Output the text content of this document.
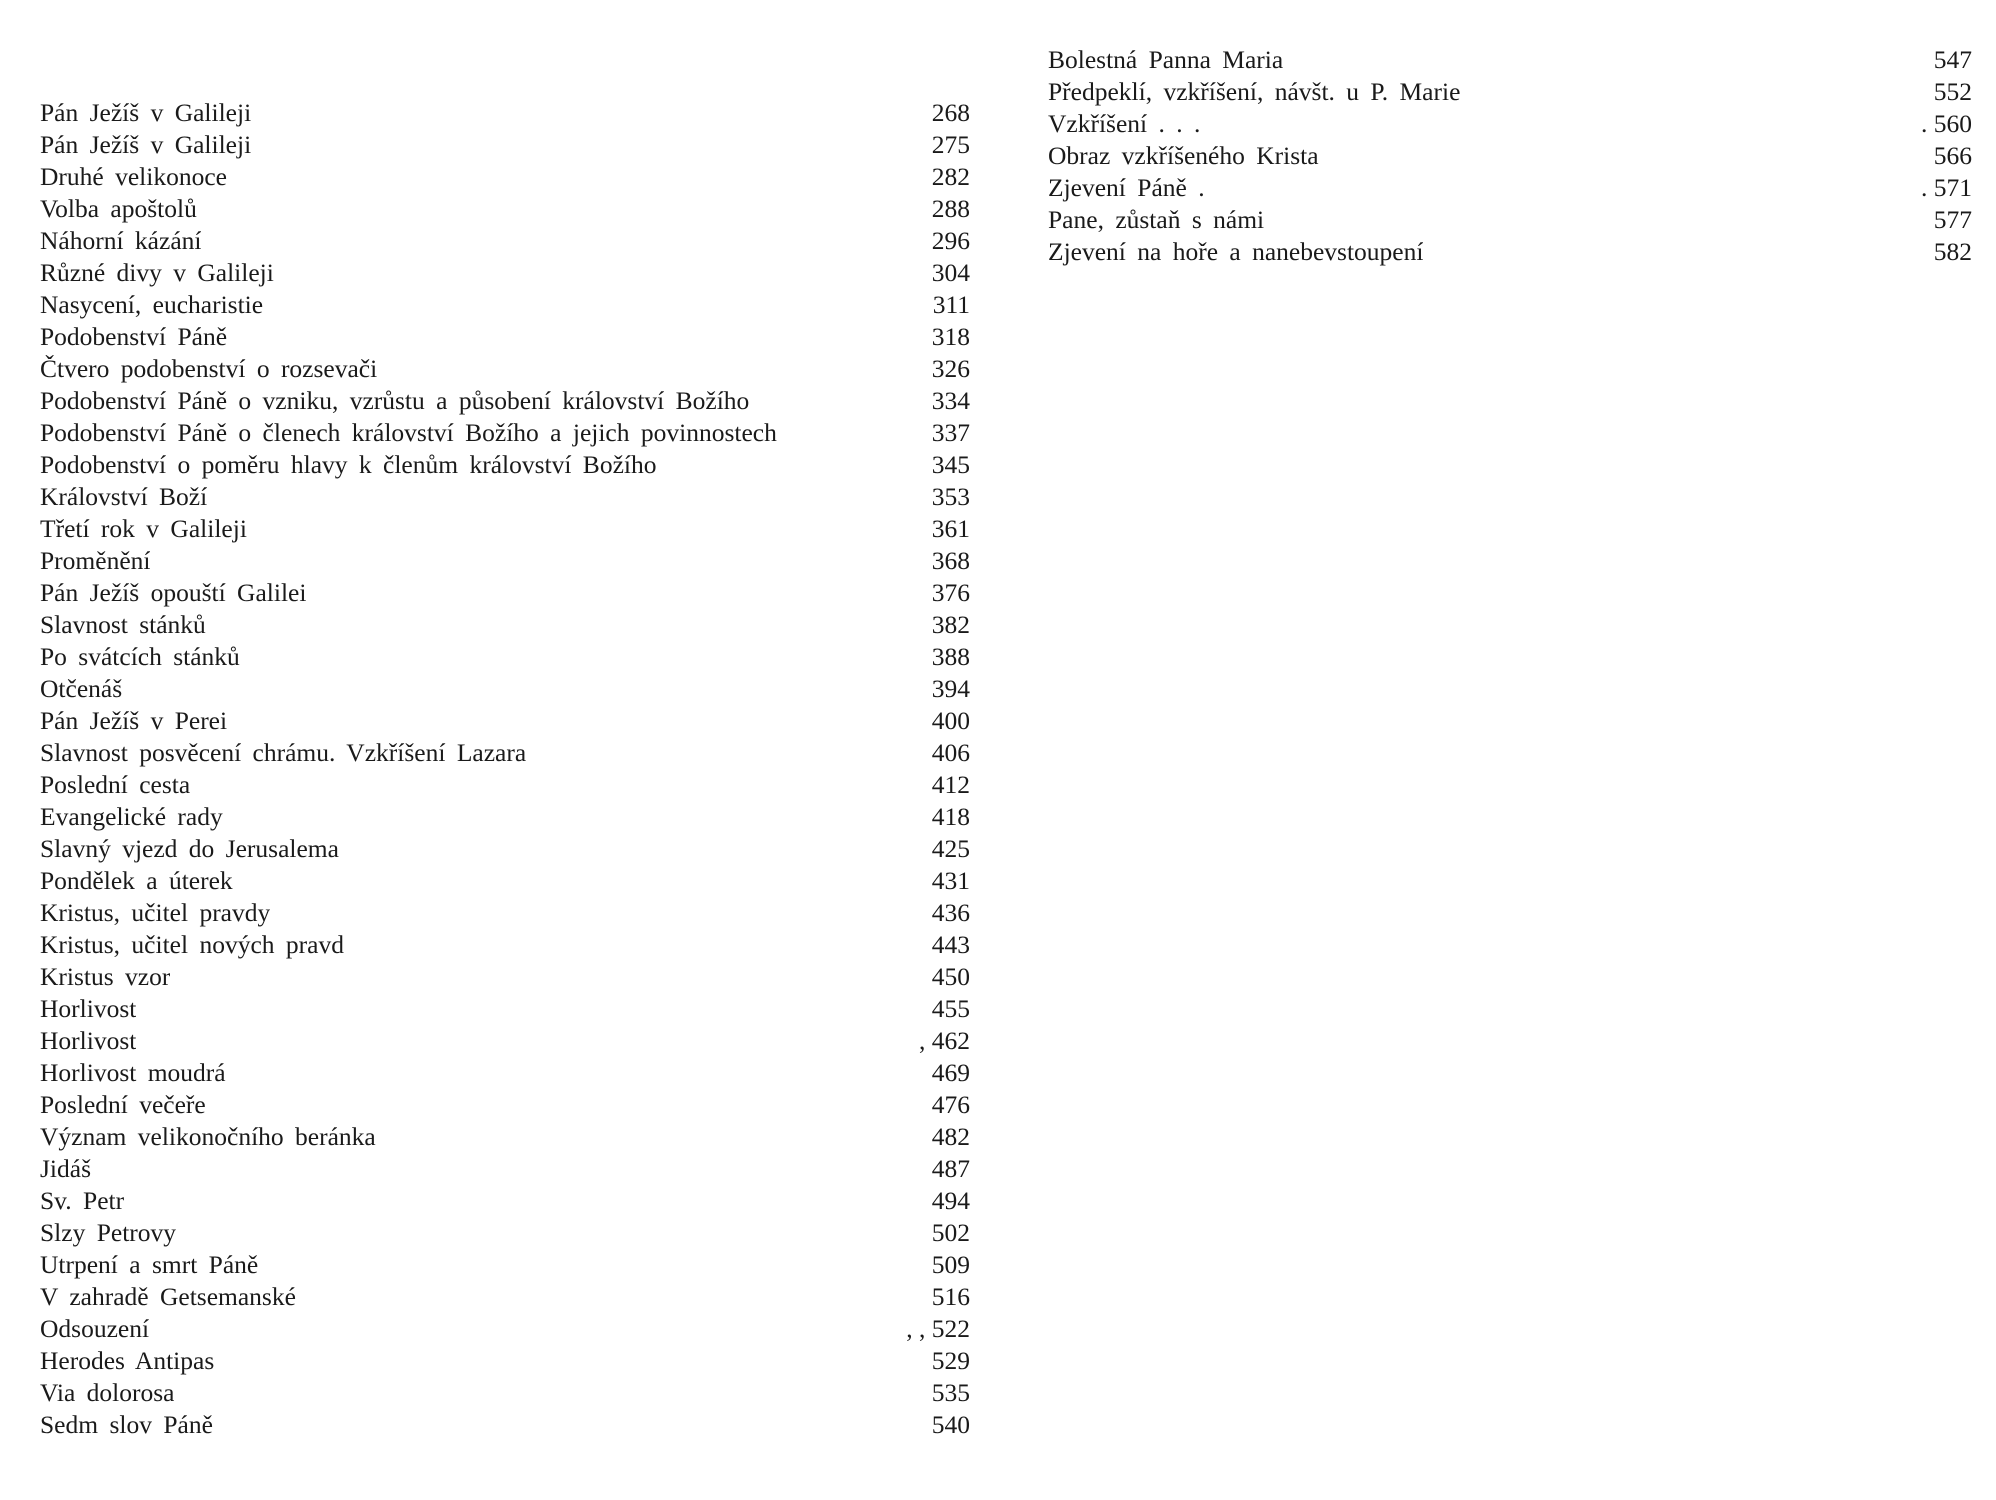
Pán Ježíš v Galileji	268
Pán Ježíš v Galileji	275
Druhé velikonoce	282
Volba apoštolů	288
Náhorní kázání	296
Různé divy v Galileji	304
Nasycení, eucharistie	311
Podobenství Páně	318
Čtvero podobenství o rozsevači	326
Podobenství Páně o vzniku, vzrůstu a působení království Božího	334
Podobenství Páně o členech království Božího a jejich povinnostech	337
Podobenství o poměru hlavy k členům království Božího	345
Království Boží	353
Třetí rok v Galileji	361
Proměnění	368
Pán Ježíš opouští Galilei	376
Slavnost stánků	382
Po svátcích stánků	388
Otčenáš	394
Pán Ježíš v Perei	400
Slavnost posvěcení chrámu. Vzkříšení Lazara	406
Poslední cesta	412
Evangelické rady	418
Slavný vjezd do Jerusalema	425
Pondělek a úterek	431
Kristus, učitel pravdy	436
Kristus, učitel nových pravd	443
Kristus vzor	450
Horlivost	455
Horlivost	, 462
Horlivost moudrá	469
Poslední večeře	476
Význam velikonočního beránka	482
Jidáš	487
Sv. Petr	494
Slzy Petrovy	502
Utrpení a smrt Páně	509
V zahradě Getsemanské	516
Odsouzení	, , 522
Herodes Antipas	529
Via dolorosa	535
Sedm slov Páně	540
Bolestná Panna Maria	547
Předpeklí, vzkříšení, návšt. u P. Marie	552
Vzkříšení . . .	. 560
Obraz vzkříšeného Krista	566
Zjevení Páně .	. 571
Pane, zůstaň s námi	577
Zjevení na hoře a nanebevstoupení	582
